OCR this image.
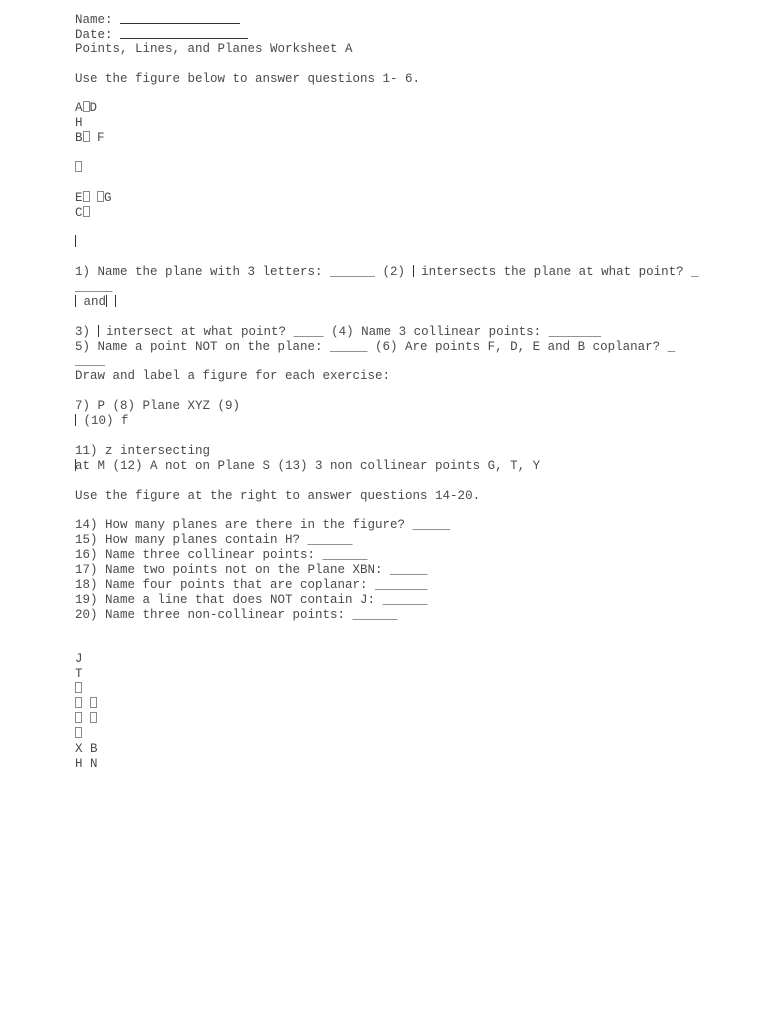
Name:
Date:
Points, Lines, and Planes Worksheet A
Use the figure below to answer questions 1- 6.
A D
H
B F
E G
C
1) Name the plane with 3 letters: ______ (2) intersects the plane at what point? _
_____
and
3)  intersect at what point? ____ (4) Name 3 collinear points: _______
5) Name a point NOT on the plane: _____ (6) Are points F, D, E and B coplanar? _
____
Draw and label a figure for each exercise:
7) P (8) Plane XYZ (9)
(10) f
11) z intersecting
at M (12) A not on Plane S (13) 3 non collinear points G, T, Y
Use the figure at the right to answer questions 14-20.
14) How many planes are there in the figure? _____
15) How many planes contain H? ______
16) Name three collinear points: ______
17) Name two points not on the Plane XBN: _____
18) Name four points that are coplanar: _______
19) Name a line that does NOT contain J: ______
20) Name three non-collinear points: ______
J
T

X B
H N
